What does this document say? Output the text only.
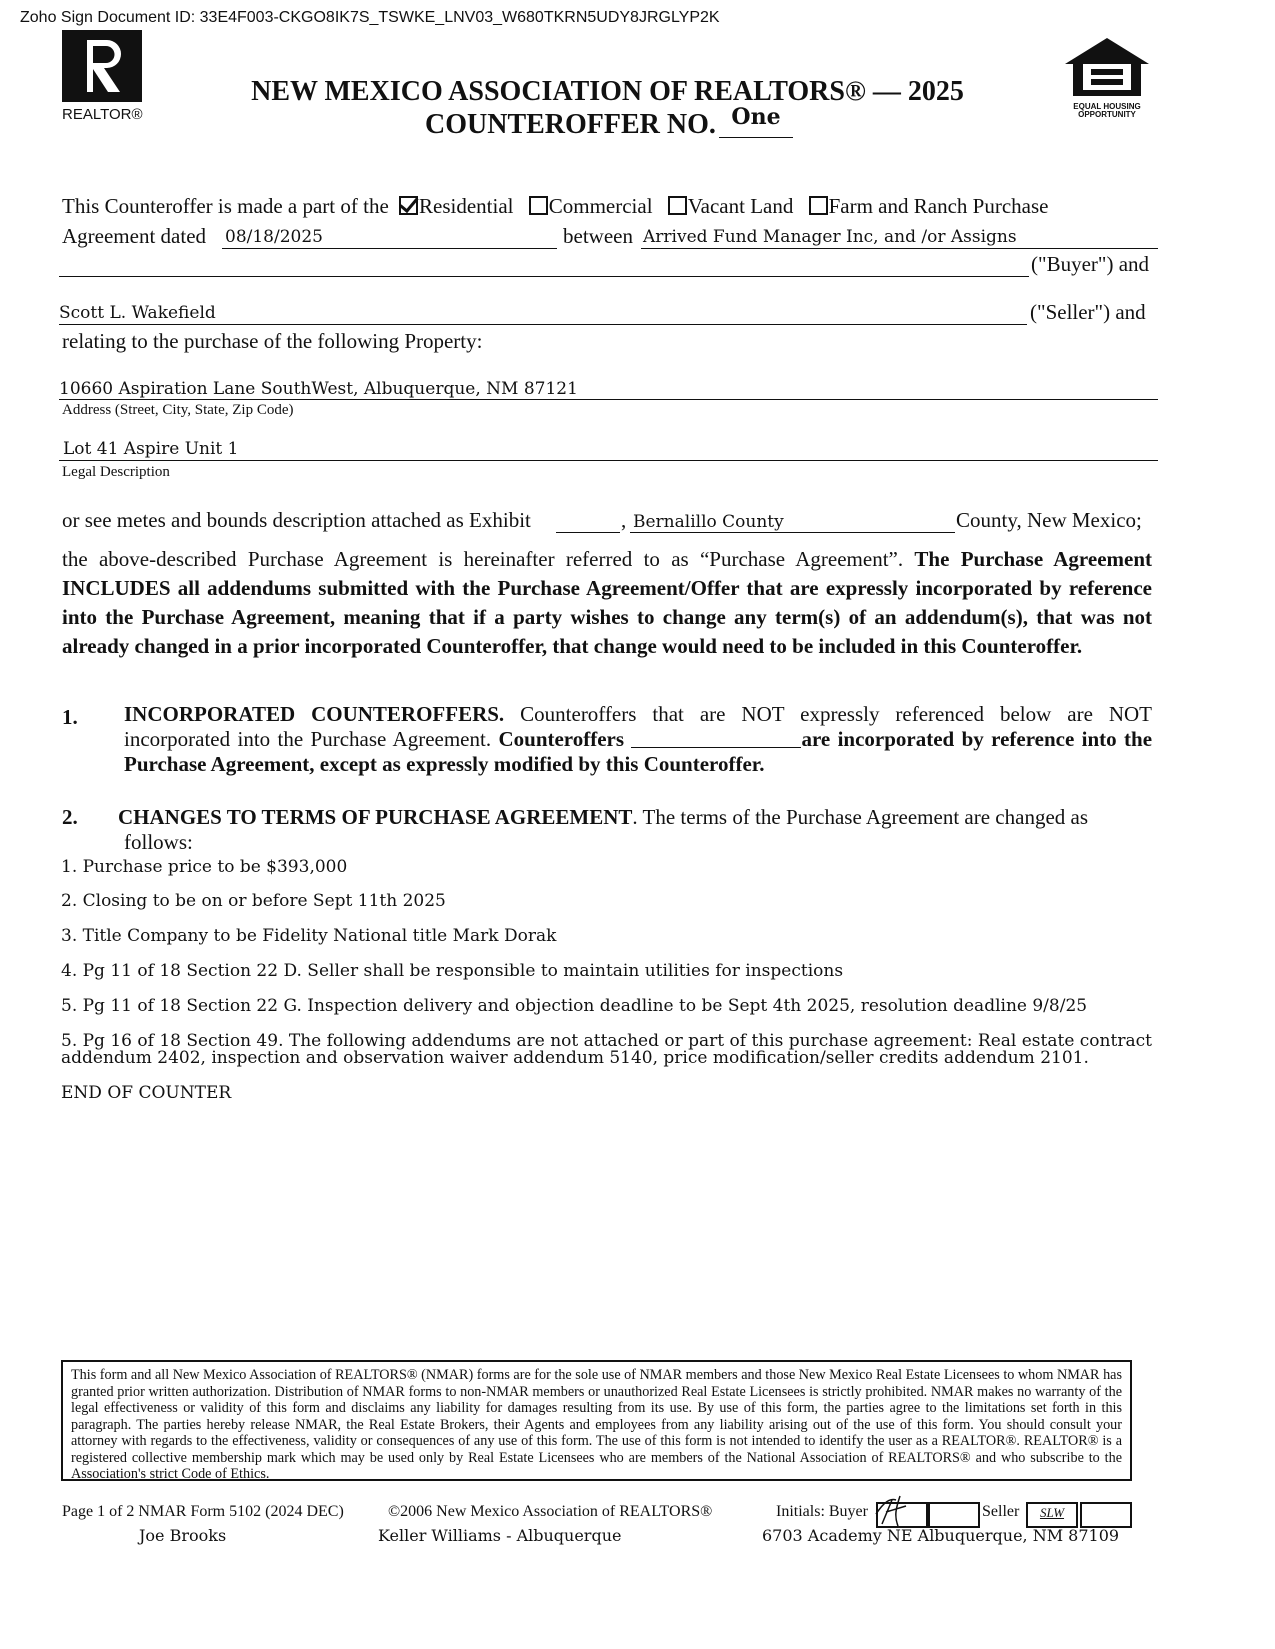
Zoho Sign Document ID: 33E4F003-CKGO8IK7S_TSWKE_LNV03_W680TKRN5UDY8JRGLYP2K
REALTOR®	EQUAL HOUSING OPPORTUNITY
NEW MEXICO ASSOCIATION OF REALTORS® — 2025
COUNTEROFFER NO. One
This Counteroffer is made a part of the Residential Commercial Vacant Land Farm and Ranch Purchase
Agreement dated 08/18/2025	between Arrived Fund Manager Inc, and /or Assigns
("Buyer") and
Scott L. Wakefield	("Seller") and
relating to the purchase of the following Property:
10660 Aspiration Lane SouthWest, Albuquerque, NM 87121
Address (Street, City, State, Zip Code)
Lot 41 Aspire Unit 1
Legal Description
or see metes and bounds description attached as Exhibit	, Bernalillo County	County, New Mexico;
the above-described Purchase Agreement is hereinafter referred to as “Purchase Agreement”. The Purchase Agreement INCLUDES all addendums submitted with the Purchase Agreement/Offer that are expressly incorporated by reference into the Purchase Agreement, meaning that if a party wishes to change any term(s) of an addendum(s), that was not already changed in a prior incorporated Counteroffer, that change would need to be included in this Counteroffer.
1. INCORPORATED COUNTEROFFERS. Counteroffers that are NOT expressly referenced below are NOT incorporated into the Purchase Agreement. Counteroffers	are incorporated by reference into the Purchase Agreement, except as expressly modified by this Counteroffer.
2. CHANGES TO TERMS OF PURCHASE AGREEMENT. The terms of the Purchase Agreement are changed as
follows:
1. Purchase price to be $393,000
2. Closing to be on or before Sept 11th 2025
3. Title Company to be Fidelity National title Mark Dorak
4. Pg 11 of 18 Section 22 D. Seller shall be responsible to maintain utilities for inspections
5. Pg 11 of 18 Section 22 G. Inspection delivery and objection deadline to be Sept 4th 2025, resolution deadline 9/8/25
5. Pg 16 of 18 Section 49. The following addendums are not attached or part of this purchase agreement: Real estate contract
addendum 2402, inspection and observation waiver addendum 5140, price modification/seller credits addendum 2101.
END OF COUNTER
This form and all New Mexico Association of REALTORS® (NMAR) forms are for the sole use of NMAR members and those New Mexico Real Estate Licensees to whom NMAR has granted prior written authorization. Distribution of NMAR forms to non-NMAR members or unauthorized Real Estate Licensees is strictly prohibited. NMAR makes no warranty of the legal effectiveness or validity of this form and disclaims any liability for damages resulting from its use. By use of this form, the parties agree to the limitations set forth in this paragraph. The parties hereby release NMAR, the Real Estate Brokers, their Agents and employees from any liability arising out of the use of this form. You should consult your attorney with regards to the effectiveness, validity or consequences of any use of this form. The use of this form is not intended to identify the user as a REALTOR®. REALTOR® is a registered collective membership mark which may be used only by Real Estate Licensees who are members of the National Association of REALTORS® and who subscribe to the Association's strict Code of Ethics.
Page 1 of 2 NMAR Form 5102 (2024 DEC)	©2006 New Mexico Association of REALTORS®	Initials: Buyer	Seller	SLW
Joe Brooks	Keller Williams - Albuquerque	6703 Academy NE Albuquerque, NM 87109
